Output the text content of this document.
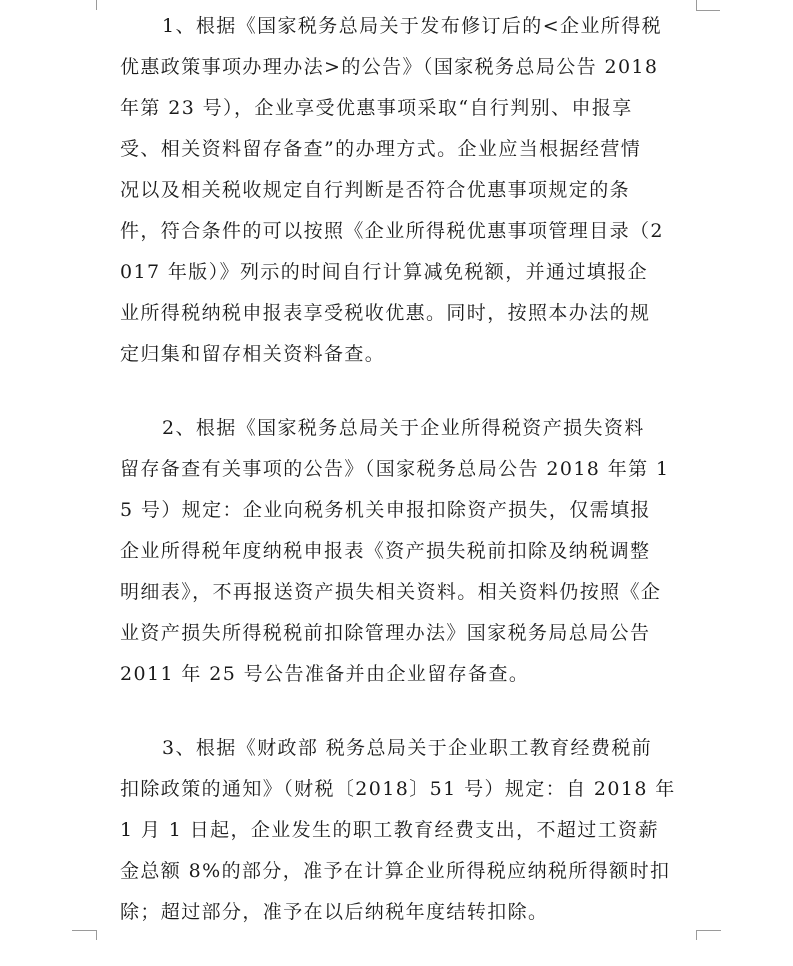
1、根据《国家税务总局关于发布修订后的<企业所得税
优惠政策事项办理办法>的公告》（国家税务总局公告 2018
年第 23 号），企业享受优惠事项采取“自行判别、申报享
受、相关资料留存备查”的办理方式。企业应当根据经营情
况以及相关税收规定自行判断是否符合优惠事项规定的条
件，符合条件的可以按照《企业所得税优惠事项管理目录（2
017 年版）》列示的时间自行计算减免税额，并通过填报企
业所得税纳税申报表享受税收优惠。同时，按照本办法的规
定归集和留存相关资料备查。
2、根据《国家税务总局关于企业所得税资产损失资料
留存备查有关事项的公告》（国家税务总局公告 2018 年第 1
5 号）规定：企业向税务机关申报扣除资产损失，仅需填报
企业所得税年度纳税申报表《资产损失税前扣除及纳税调整
明细表》，不再报送资产损失相关资料。相关资料仍按照《企
业资产损失所得税税前扣除管理办法》国家税务局总局公告
2011 年 25 号公告准备并由企业留存备查。
3、根据《财政部 税务总局关于企业职工教育经费税前
扣除政策的通知》（财税〔2018〕51 号）规定：自 2018 年
1 月 1 日起，企业发生的职工教育经费支出，不超过工资薪
金总额 8%的部分，准予在计算企业所得税应纳税所得额时扣
除；超过部分，准予在以后纳税年度结转扣除。
